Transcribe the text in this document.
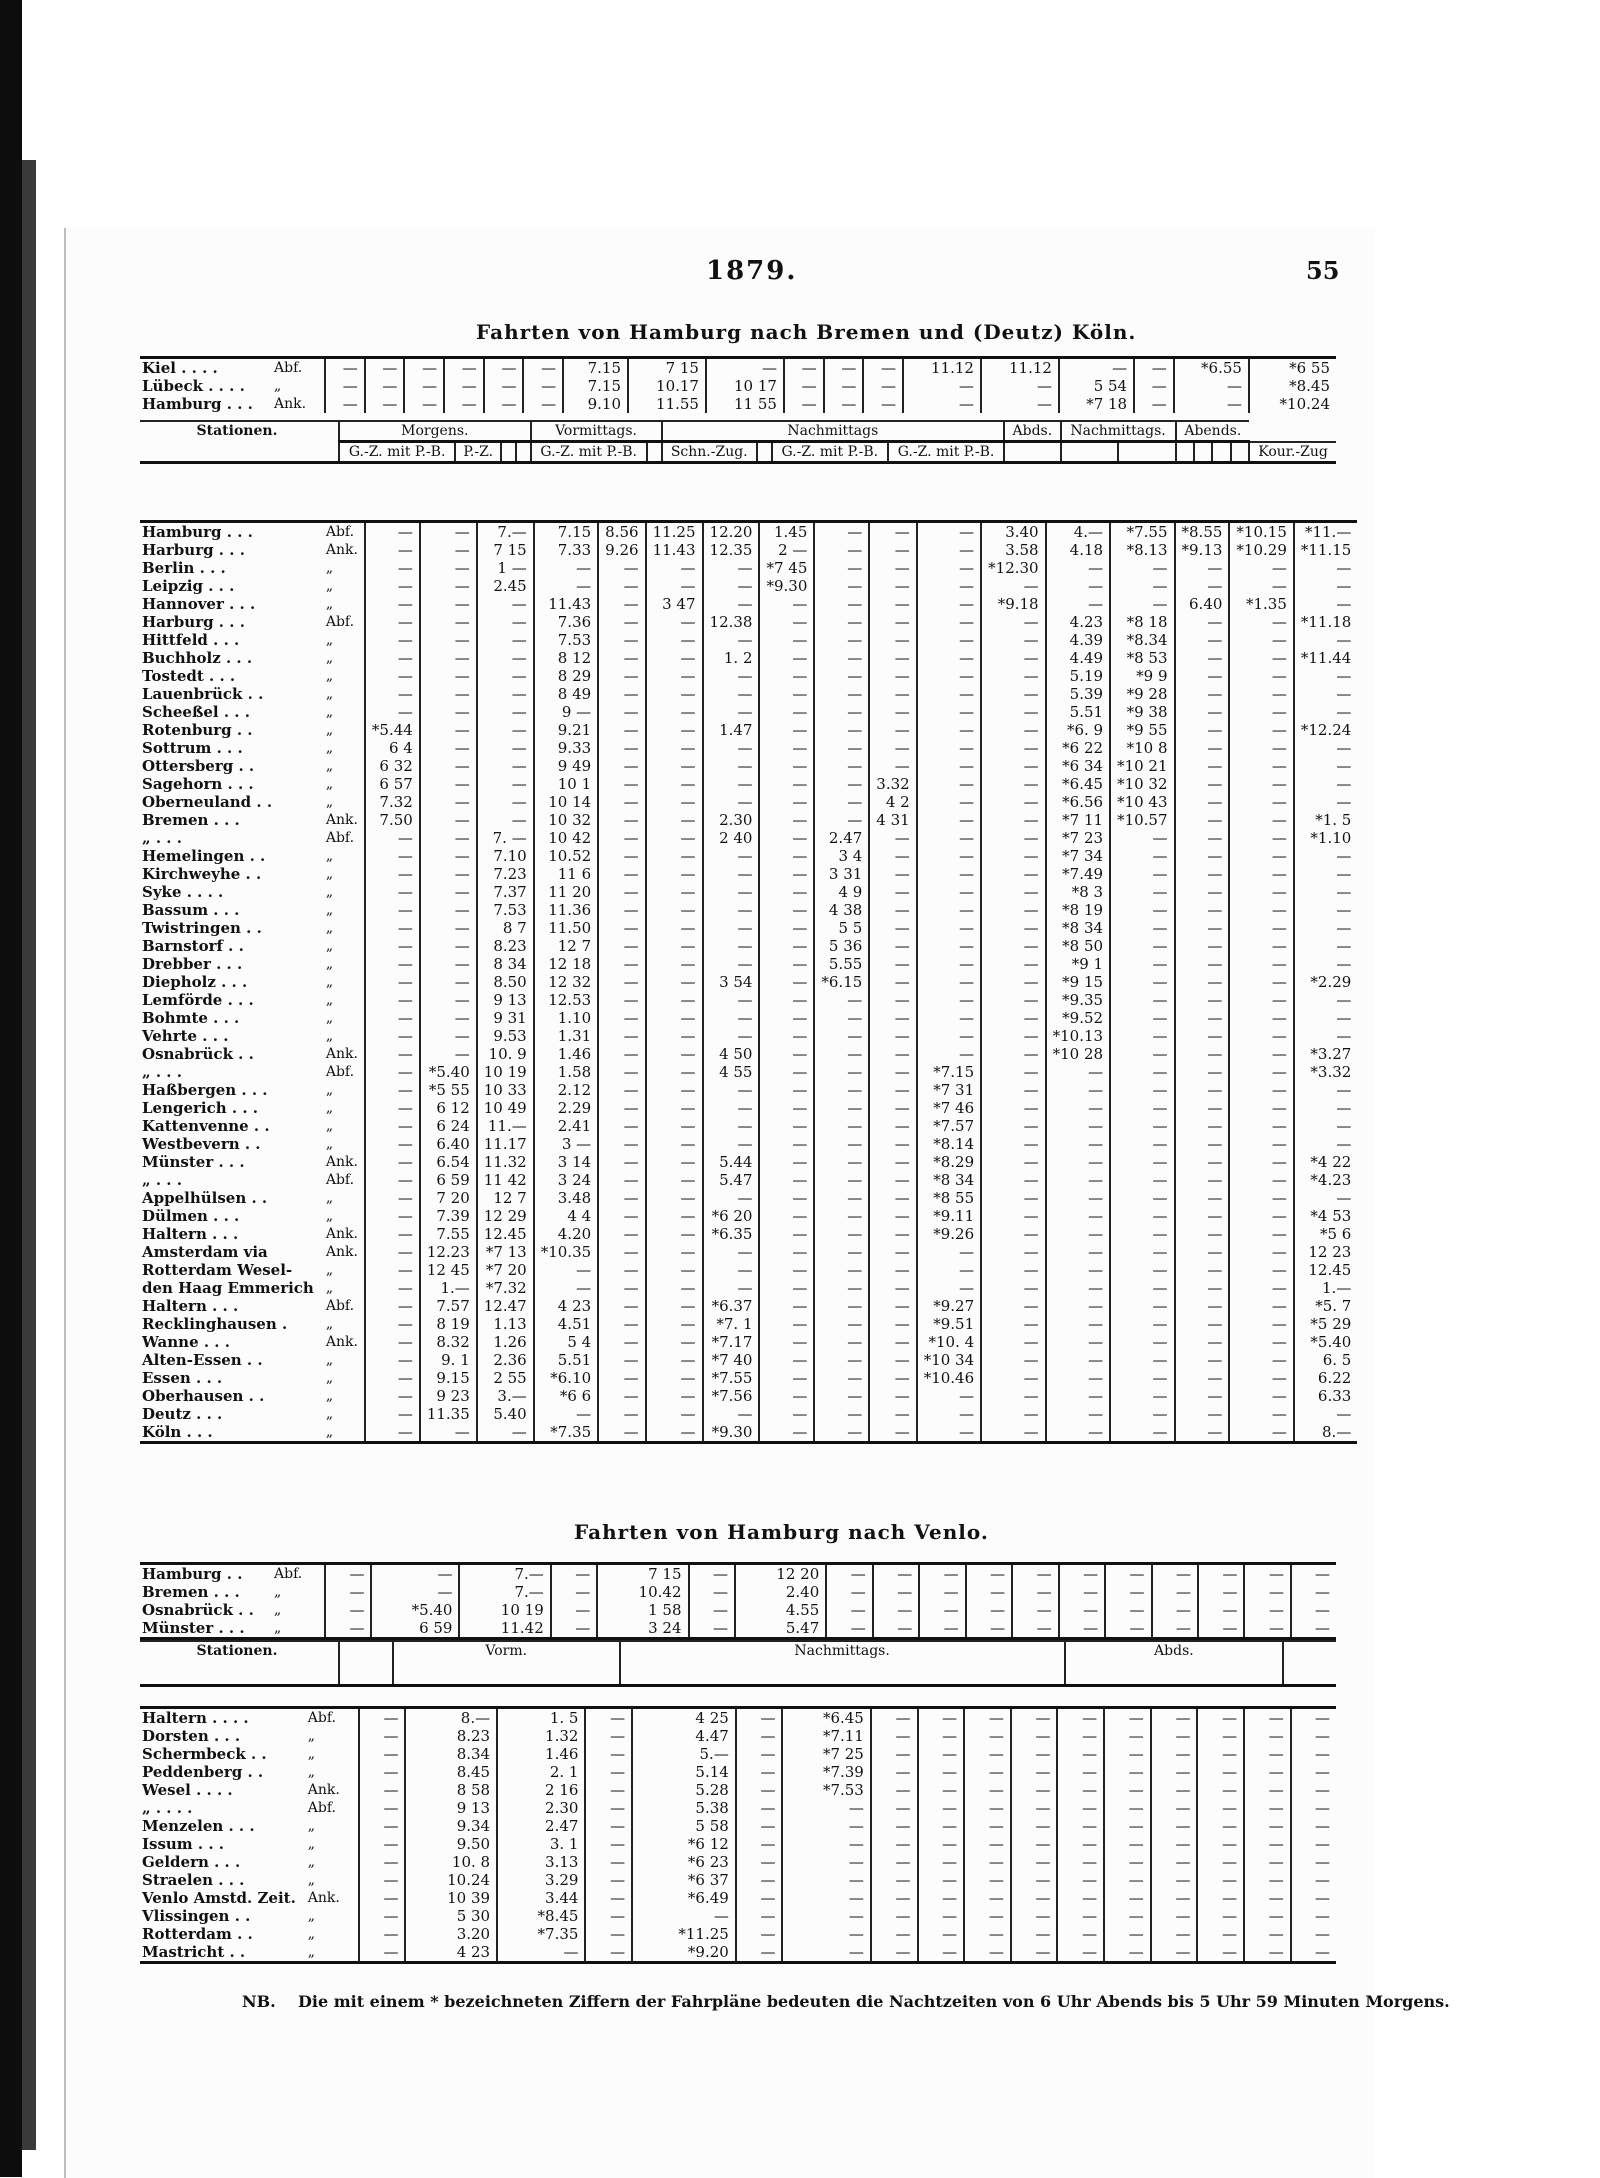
1879.	55
Fahrten von Hamburg nach Bremen und (Deutz) Köln.
Kiel . . . .	Abf.	—	—	—	—	—	—	7.15	7 15	—	—	—	—	11.12	11.12	—	—	*6.55	*6 55
Lübeck . . . .	„	—	—	—	—	—	—	7.15	10.17	10 17	—	—	—	—	—	5 54	—	—	*8.45
Hamburg . . .	Ank.	—	—	—	—	—	—	9.10	11.55	11 55	—	—	—	—	—	*7 18	—	—	*10.24
Stationen.	Morgens.				Vormittags.		Nachmittags				Abds.	Nachmittags.		Abends.				
	G.-Z. mit P.-B.	P.-Z.			G.-Z. mit P.-B.		Schn.-Zug.		G.-Z. mit P.-B.	G.-Z. mit P.-B.								Kour.-Zug
Hamburg . . .	Abf.	—	—	7.—	7.15	8.56	11.25	12.20	1.45	—	—	—	3.40	4.—	*7.55	*8.55	*10.15	*11.—
Harburg . . .	Ank.	—	—	7 15	7.33	9.26	11.43	12.35	2 —	—	—	—	3.58	4.18	*8.13	*9.13	*10.29	*11.15
Berlin . . .	„	—	—	1 —	—	—	—	—	*7 45	—	—	—	*12.30	—	—	—	—	—
Leipzig . . .	„	—	—	2.45	—	—	—	—	*9.30	—	—	—	—	—	—	—	—	—
Hannover . . .	„	—	—	—	11.43	—	3 47	—	—	—	—	—	*9.18	—	—	6.40	*1.35	—
Harburg . . .	Abf.	—	—	—	7.36	—	—	12.38	—	—	—	—	—	4.23	*8 18	—	—	*11.18
Hittfeld . . .	„	—	—	—	7.53	—	—	—	—	—	—	—	—	4.39	*8.34	—	—	—
Buchholz . . .	„	—	—	—	8 12	—	—	1. 2	—	—	—	—	—	4.49	*8 53	—	—	*11.44
Tostedt . . .	„	—	—	—	8 29	—	—	—	—	—	—	—	—	5.19	*9 9	—	—	—
Lauenbrück . .	„	—	—	—	8 49	—	—	—	—	—	—	—	—	5.39	*9 28	—	—	—
Scheeßel . . .	„	—	—	—	9 —	—	—	—	—	—	—	—	—	5.51	*9 38	—	—	—
Rotenburg . .	„	*5.44	—	—	9.21	—	—	1.47	—	—	—	—	—	*6. 9	*9 55	—	—	*12.24
Sottrum . . .	„	6 4	—	—	9.33	—	—	—	—	—	—	—	—	*6 22	*10 8	—	—	—
Ottersberg . .	„	6 32	—	—	9 49	—	—	—	—	—	—	—	—	*6 34	*10 21	—	—	—
Sagehorn . . .	„	6 57	—	—	10 1	—	—	—	—	—	3.32	—	—	*6.45	*10 32	—	—	—
Oberneuland . .	„	7.32	—	—	10 14	—	—	—	—	—	4 2	—	—	*6.56	*10 43	—	—	—
Bremen . . .	Ank.	7.50	—	—	10 32	—	—	2.30	—	—	4 31	—	—	*7 11	*10.57	—	—	*1. 5
„ . . .	Abf.	—	—	7. —	10 42	—	—	2 40	—	2.47	—	—	—	*7 23	—	—	—	*1.10
Hemelingen . .	„	—	—	7.10	10.52	—	—	—	—	3 4	—	—	—	*7 34	—	—	—	—
Kirchweyhe . .	„	—	—	7.23	11 6	—	—	—	—	3 31	—	—	—	*7.49	—	—	—	—
Syke . . . .	„	—	—	7.37	11 20	—	—	—	—	4 9	—	—	—	*8 3	—	—	—	—
Bassum . . .	„	—	—	7.53	11.36	—	—	—	—	4 38	—	—	—	*8 19	—	—	—	—
Twistringen . .	„	—	—	8 7	11.50	—	—	—	—	5 5	—	—	—	*8 34	—	—	—	—
Barnstorf . .	„	—	—	8.23	12 7	—	—	—	—	5 36	—	—	—	*8 50	—	—	—	—
Drebber . . .	„	—	—	8 34	12 18	—	—	—	—	5.55	—	—	—	*9 1	—	—	—	—
Diepholz . . .	„	—	—	8.50	12 32	—	—	3 54	—	*6.15	—	—	—	*9 15	—	—	—	*2.29
Lemförde . . .	„	—	—	9 13	12.53	—	—	—	—	—	—	—	—	*9.35	—	—	—	—
Bohmte . . .	„	—	—	9 31	1.10	—	—	—	—	—	—	—	—	*9.52	—	—	—	—
Vehrte . . .	„	—	—	9.53	1.31	—	—	—	—	—	—	—	—	*10.13	—	—	—	—
Osnabrück . .	Ank.	—	—	10. 9	1.46	—	—	4 50	—	—	—	—	—	*10 28	—	—	—	*3.27
„ . . .	Abf.	—	*5.40	10 19	1.58	—	—	4 55	—	—	—	*7.15	—	—	—	—	—	*3.32
Haßbergen . . .	„	—	*5 55	10 33	2.12	—	—	—	—	—	—	*7 31	—	—	—	—	—	—
Lengerich . . .	„	—	6 12	10 49	2.29	—	—	—	—	—	—	*7 46	—	—	—	—	—	—
Kattenvenne . .	„	—	6 24	11.—	2.41	—	—	—	—	—	—	*7.57	—	—	—	—	—	—
Westbevern . .	„	—	6.40	11.17	3 —	—	—	—	—	—	—	*8.14	—	—	—	—	—	—
Münster . . .	Ank.	—	6.54	11.32	3 14	—	—	5.44	—	—	—	*8.29	—	—	—	—	—	*4 22
„ . . .	Abf.	—	6 59	11 42	3 24	—	—	5.47	—	—	—	*8 34	—	—	—	—	—	*4.23
Appelhülsen . .	„	—	7 20	12 7	3.48	—	—	—	—	—	—	*8 55	—	—	—	—	—	—
Dülmen . . .	„	—	7.39	12 29	4 4	—	—	*6 20	—	—	—	*9.11	—	—	—	—	—	*4 53
Haltern . . .	Ank.	—	7.55	12.45	4.20	—	—	*6.35	—	—	—	*9.26	—	—	—	—	—	*5 6
Amsterdam via	Ank.	—	12.23	*7 13	*10.35	—	—	—	—	—	—	—	—	—	—	—	—	12 23
Rotterdam Wesel-	„	—	12 45	*7 20	—	—	—	—	—	—	—	—	—	—	—	—	—	12.45
den Haag Emmerich	„	—	1.—	*7.32	—	—	—	—	—	—	—	—	—	—	—	—	—	1.—
Haltern . . .	Abf.	—	7.57	12.47	4 23	—	—	*6.37	—	—	—	*9.27	—	—	—	—	—	*5. 7
Recklinghausen .	„	—	8 19	1.13	4.51	—	—	*7. 1	—	—	—	*9.51	—	—	—	—	—	*5 29
Wanne . . .	Ank.	—	8.32	1.26	5 4	—	—	*7.17	—	—	—	*10. 4	—	—	—	—	—	*5.40
Alten-Essen . .	„	—	9. 1	2.36	5.51	—	—	*7 40	—	—	—	*10 34	—	—	—	—	—	6. 5
Essen . . .	„	—	9.15	2 55	*6.10	—	—	*7.55	—	—	—	*10.46	—	—	—	—	—	6.22
Oberhausen . .	„	—	9 23	3.—	*6 6	—	—	*7.56	—	—	—	—	—	—	—	—	—	6.33
Deutz . . .	„	—	11.35	5.40	—	—	—	—	—	—	—	—	—	—	—	—	—	—
Köln . . .	„	—	—	—	*7.35	—	—	*9.30	—	—	—	—	—	—	—	—	—	8.—
Fahrten von Hamburg nach Venlo.
Hamburg . .	Abf.	—	—	7.—	—	7 15	—	12 20	—	—	—	—	—	—	—	—	—	—	—
Bremen . . .	„	—	—	7.—	—	10.42	—	2.40	—	—	—	—	—	—	—	—	—	—	—
Osnabrück . .	„	—	*5.40	10 19	—	1 58	—	4.55	—	—	—	—	—	—	—	—	—	—	—
Münster . . .	„	—	6 59	11.42	—	3 24	—	5.47	—	—	—	—	—	—	—	—	—	—	—
Stationen.		Vorm.	Nachmittags.	Abds.	
Haltern . . . .	Abf.	—	8.—	1. 5	—	4 25	—	*6.45	—	—	—	—	—	—	—	—	—	—
Dorsten . . .	„	—	8.23	1.32	—	4.47	—	*7.11	—	—	—	—	—	—	—	—	—	—
Schermbeck . .	„	—	8.34	1.46	—	5.—	—	*7 25	—	—	—	—	—	—	—	—	—	—
Peddenberg . .	„	—	8.45	2. 1	—	5.14	—	*7.39	—	—	—	—	—	—	—	—	—	—
Wesel . . . .	Ank.	—	8 58	2 16	—	5.28	—	*7.53	—	—	—	—	—	—	—	—	—	—
„ . . . .	Abf.	—	9 13	2.30	—	5.38	—	—	—	—	—	—	—	—	—	—	—	—
Menzelen . . .	„	—	9.34	2.47	—	5 58	—	—	—	—	—	—	—	—	—	—	—	—
Issum . . .	„	—	9.50	3. 1	—	*6 12	—	—	—	—	—	—	—	—	—	—	—	—
Geldern . . .	„	—	10. 8	3.13	—	*6 23	—	—	—	—	—	—	—	—	—	—	—	—
Straelen . . .	„	—	10.24	3.29	—	*6 37	—	—	—	—	—	—	—	—	—	—	—	—
Venlo Amstd. Zeit.	Ank.	—	10 39	3.44	—	*6.49	—	—	—	—	—	—	—	—	—	—	—	—
Vlissingen . .	„	—	5 30	*8.45	—	—	—	—	—	—	—	—	—	—	—	—	—	—
Rotterdam . .	„	—	3.20	*7.35	—	*11.25	—	—	—	—	—	—	—	—	—	—	—	—
Mastricht . .	„	—	4 23	—	—	*9.20	—	—	—	—	—	—	—	—	—	—	—	—
NB. Die mit einem * bezeichneten Ziffern der Fahrpläne bedeuten die Nachtzeiten von 6 Uhr Abends bis 5 Uhr 59 Minuten Morgens.
